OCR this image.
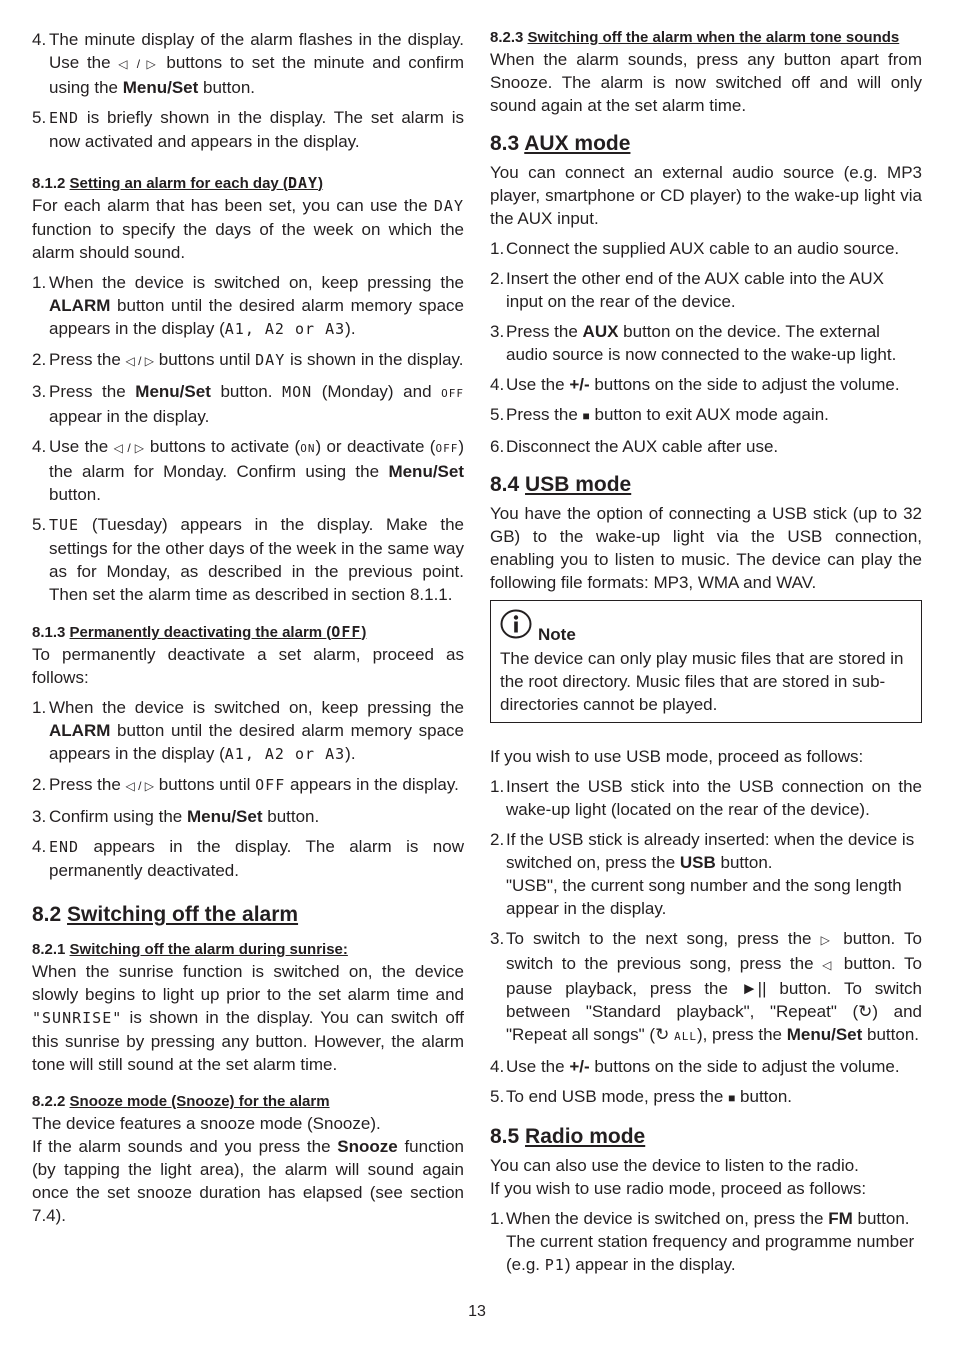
4. The minute display of the alarm flashes in the display. Use the ◁ / ▷ buttons to set the minute and confirm using the Menu/Set button.
5. END is briefly shown in the display. The set alarm is now activated and appears in the display.
8.1.2 Setting an alarm for each day (DAY)

For each alarm that has been set, you can use the DAY function to specify the days of the week on which the alarm should sound.

1. When the device is switched on, keep pressing the ALARM button until the desired alarm memory space appears in the display (A1, A2 or A3).
2. Press the ◁ / ▷ buttons until DAY is shown in the display.
3. Press the Menu/Set button. MON (Monday) and OFF appear in the display.
4. Use the ◁ / ▷ buttons to activate (ON) or deactivate (OFF) the alarm for Monday. Confirm using the Menu/Set button.
5. TUE (Tuesday) appears in the display. Make the settings for the other days of the week in the same way as for Monday, as described in the previous point. Then set the alarm time as described in section 8.1.1.
8.1.3 Permanently deactivating the alarm (OFF)

To permanently deactivate a set alarm, proceed as follows:

1. When the device is switched on, keep pressing the ALARM button until the desired alarm memory space appears in the display (A1, A2 or A3).
2. Press the ◁ / ▷ buttons until OFF appears in the display.
3. Confirm using the Menu/Set button.
4. END appears in the display. The alarm is now permanently deactivated.
8.2 Switching off the alarm
8.2.1 Switching off the alarm during sunrise:

When the sunrise function is switched on, the device slowly begins to light up prior to the set alarm time and "SUNRISE" is shown in the display. You can switch off this sunrise by pressing any button. However, the alarm tone will still sound at the set alarm time.

8.2.2 Snooze mode (Snooze) for the alarm

The device features a snooze mode (Snooze).

If the alarm sounds and you press the Snooze function (by tapping the light area), the alarm will sound again once the set snooze duration has elapsed (see section 7.4).

8.2.3 Switching off the alarm when the alarm tone sounds

When the alarm sounds, press any button apart from Snooze. The alarm is now switched off and will only sound again at the set alarm time.

8.3 AUX mode

You can connect an external audio source (e.g. MP3 player, smartphone or CD player) to the wake-up light via the AUX input.

1. Connect the supplied AUX cable to an audio source.
2. Insert the other end of the AUX cable into the AUX input on the rear of the device.
3. Press the AUX button on the device. The external audio source is now connected to the wake-up light.
4. Use the +/- buttons on the side to adjust the volume.
5. Press the ■ button to exit AUX mode again.
6. Disconnect the AUX cable after use.
8.4 USB mode

You have the option of connecting a USB stick (up to 32 GB) to the wake-up light via the USB connection, enabling you to listen to music. The device can play the following file formats: MP3, WMA and WAV.

Note

The device can only play music files that are stored in the root directory. Music files that are stored in sub-directories cannot be played.

If you wish to use USB mode, proceed as follows:

1. Insert the USB stick into the USB connection on the wake-up light (located on the rear of the device).
2. If the USB stick is already inserted: when the device is switched on, press the USB button.
"USB", the current song number and the song length appear in the display.
3. To switch to the next song, press the ▷ button. To switch to the previous song, press the ◁ button. To pause playback, press the ►|| button. To switch between "Standard playback", "Repeat" (↻) and "Repeat all songs" (↻ ALL), press the Menu/Set button.
4. Use the +/- buttons on the side to adjust the volume.
5. To end USB mode, press the ■ button.
8.5 Radio mode

You can also use the device to listen to the radio.

If you wish to use radio mode, proceed as follows:

1. When the device is switched on, press the FM button. The current station frequency and programme number (e.g. P1) appear in the display.
13
